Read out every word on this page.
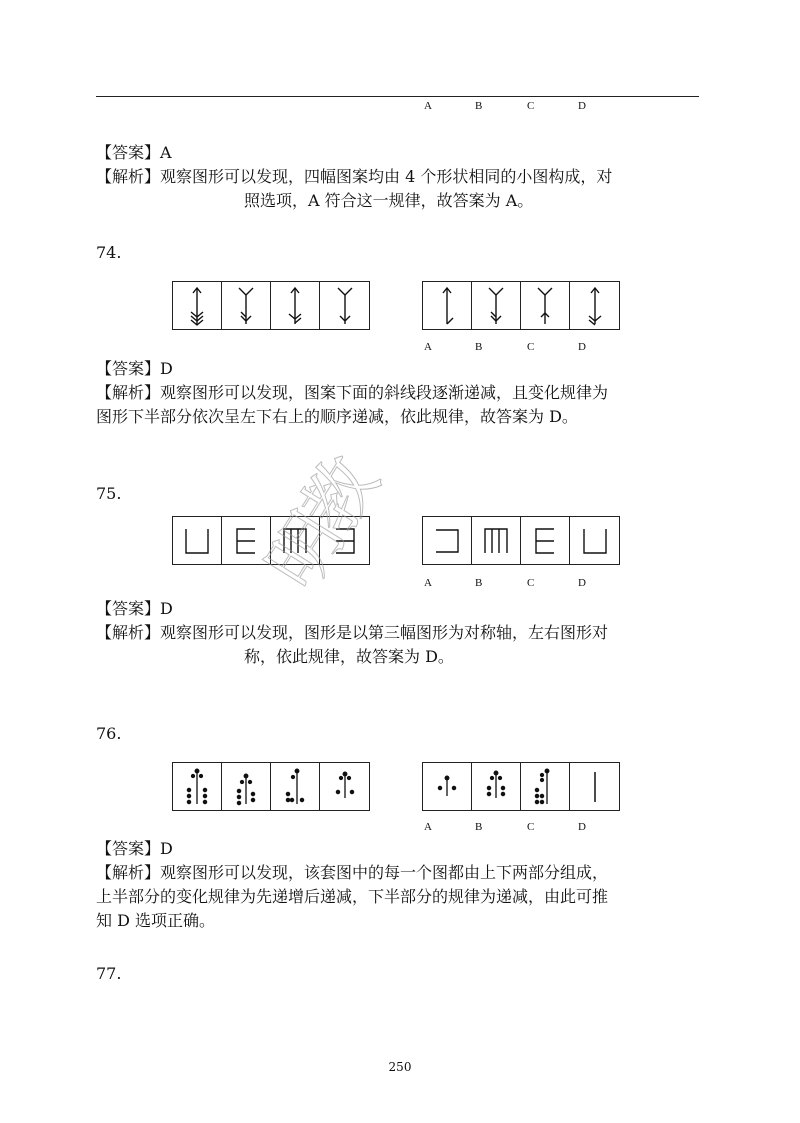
A	B	C	D
【答案】A
【解析】观察图形可以发现，四幅图案均由 4 个形状相同的小图构成，对
照选项，A 符合这一规律，故答案为 A。
74.
A	B	C	D
【答案】D
【解析】观察图形可以发现，图案下面的斜线段逐渐递减，且变化规律为
图形下半部分依次呈左下右上的顺序递减，依此规律，故答案为 D。
75.
A	B	C	D
【答案】D
【解析】观察图形可以发现，图形是以第三幅图形为对称轴，左右图形对
称，依此规律，故答案为 D。
76.
A	B	C	D
【答案】D
【解析】观察图形可以发现，该套图中的每一个图都由上下两部分组成，
上半部分的变化规律为先递增后递减，下半部分的规律为递减，由此可推
知 D 选项正确。
77.
明教
250
